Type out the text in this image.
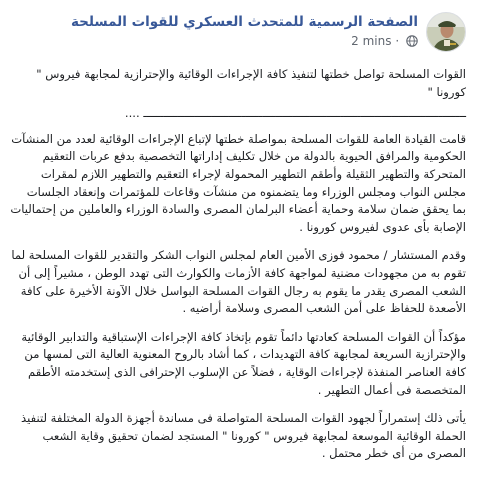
الصفحة الرسمية للمتحدث العسكري للقوات المسلحة
2 mins ·

القوات المسلحة تواصل خطتها لتنفيذ كافة الإجراءات الوقائية والإحترازية لمجابهة فيروس " كورونا "

ـــــــــــــــــــــــــــــــــــــــــــــــــــــــــــــــــــــــــــــــــــــــــــــــ ....

قامت القيادة العامة للقوات المسلحة بمواصلة خطتها لإتباع الإجراءات الوقائية لعدد من المنشآت الحكومية والمرافق الحيوية بالدولة من خلال تكليف إداراتها التخصصية بدفع عربات التعقيم المتحركة والتطهير الثقيلة وأطقم التطهير المحمولة لإجراء التعقيم والتطهير اللازم لمقرات مجلس النواب ومجلس الوزراء وما يتضمنوه من منشآت وقاعات للمؤتمرات وإنعقاد الجلسات بما يحقق ضمان سلامة وحماية أعضاء البرلمان المصرى والسادة الوزراء والعاملين من إحتماليات الإصابة بأى عدوى لفيروس كورونا .

وقدم المستشار / محمود فوزى الأمين العام لمجلس النواب الشكر والتقدير للقوات المسلحة لما تقوم به من مجهودات مضنية لمواجهة كافة الأزمات والكوارث التى تهدد الوطن ، مشيراً إلى أن الشعب المصرى يقدر ما يقوم به رجال القوات المسلحة البواسل خلال الآونة الأخيرة على كافة الأصعدة للحفاظ على أمن الشعب المصرى وسلامة أراضيه .

مؤكداً أن القوات المسلحة كعادتها دائماً تقوم بإتخاذ كافة الإجراءات الإستباقية والتدابير الوقائية والإحترازية السريعة لمجابهة كافة التهديدات ، كما أشاد بالروح المعنوية العالية التى لمسها من كافة العناصر المنفذة لإجراءات الوقاية ، فضلاً عن الإسلوب الإحترافى الذى إستخدمته الأطقم المتخصصة فى أعمال التطهير .

يأتى ذلك إستمراراً لجهود القوات المسلحة المتواصلة فى مساندة أجهزة الدولة المختلفة لتنفيذ الحملة الوقائية الموسعة لمجابهة فيروس " كورونا " المستجد لضمان تحقيق وقاية الشعب المصرى من أى خطر محتمل .
